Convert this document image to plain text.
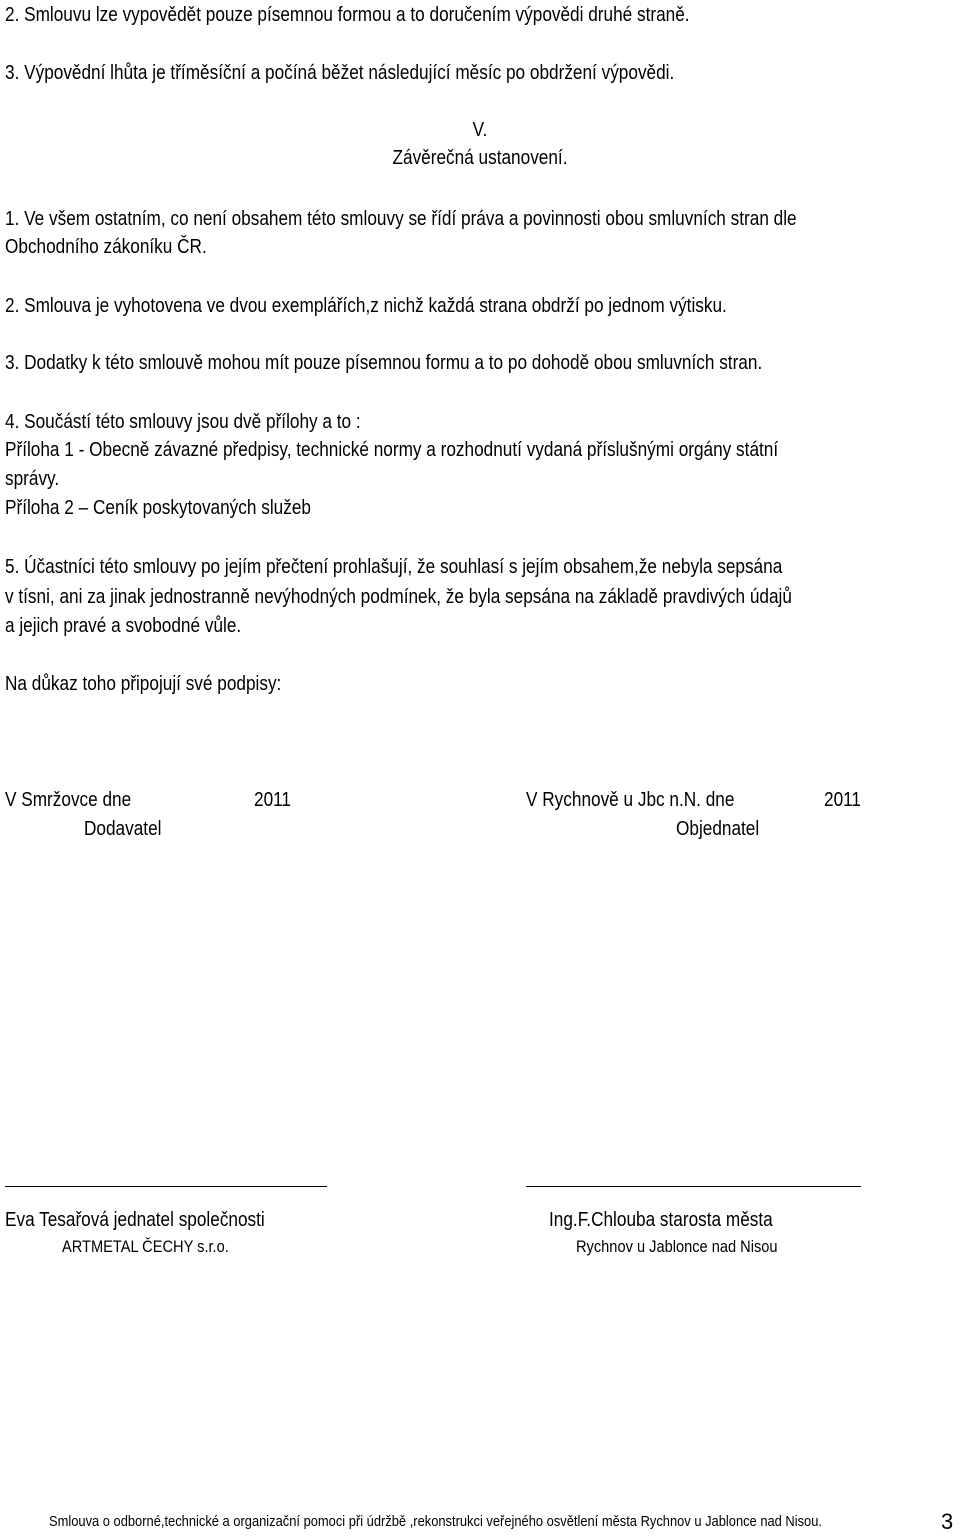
2. Smlouvu lze vypovědět pouze písemnou formou a to doručením výpovědi druhé straně.
3. Výpovědní lhůta je tříměsíční a počíná běžet následující měsíc po obdržení výpovědi.
V.
Závěrečná ustanovení.
1. Ve všem ostatním, co není obsahem této smlouvy se řídí práva a povinnosti obou smluvních stran dle
Obchodního zákoníku ČR.
2. Smlouva je vyhotovena ve dvou exemplářích,z nichž každá strana obdrží po jednom výtisku.
3. Dodatky k této smlouvě mohou mít pouze písemnou formu a to po dohodě obou smluvních stran.
4. Součástí této smlouvy jsou dvě přílohy a to :
Příloha 1 - Obecně závazné předpisy, technické normy a rozhodnutí vydaná příslušnými orgány státní
správy.
Příloha 2 – Ceník poskytovaných služeb
5. Účastníci této smlouvy po jejím přečtení prohlašují, že souhlasí s jejím obsahem,že nebyla sepsána
v tísni, ani za jinak jednostranně nevýhodných podmínek, že byla sepsána na základě pravdivých údajů
a jejich pravé a svobodné vůle.
Na důkaz toho připojují své podpisy:
V Smržovce dne	2011	V Rychnově u Jbc n.N. dne	2011
Dodavatel	Objednatel
Eva Tesařová jednatel společnosti
ARTMETAL ČECHY s.r.o.
Ing.F.Chlouba starosta města
Rychnov u Jablonce nad Nisou
Smlouva o odborné,technické a organizační pomoci při údržbě ,rekonstrukci veřejného osvětlení města Rychnov u Jablonce nad Nisou.	3
